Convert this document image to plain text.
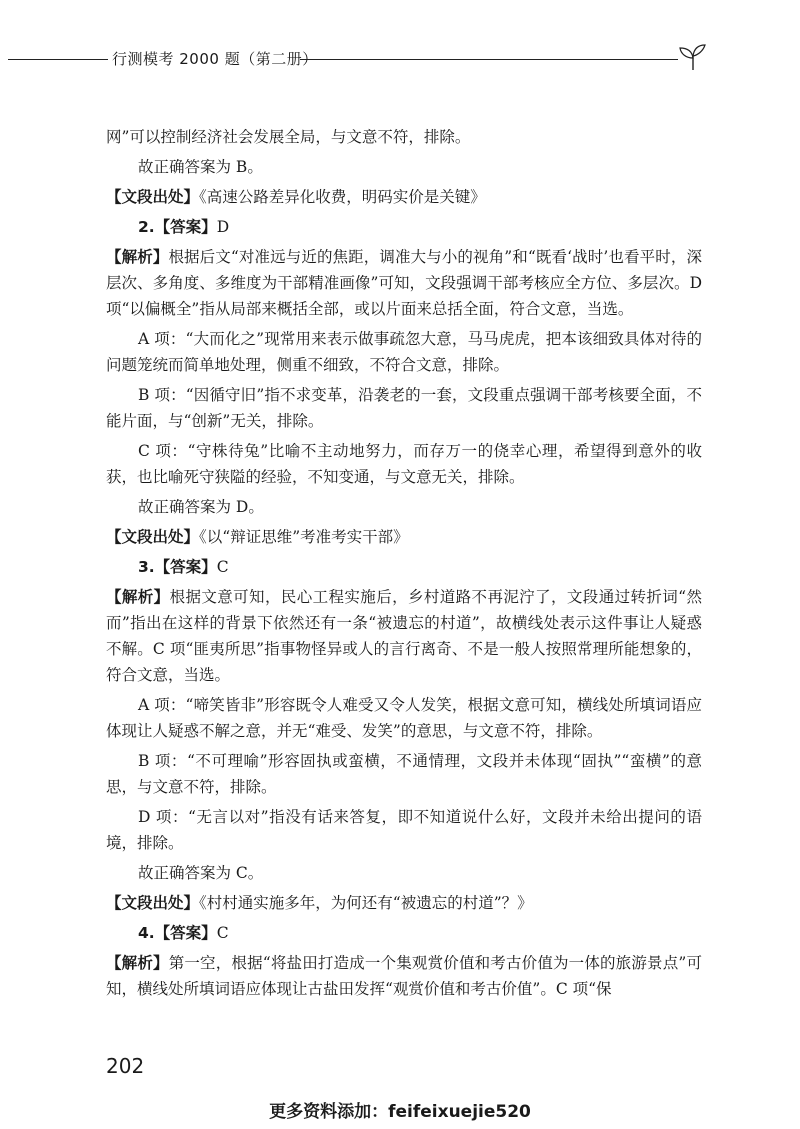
行测模考 2000 题（第二册）

网”可以控制经济社会发展全局，与文意不符，排除。

故正确答案为 B。

【文段出处】《高速公路差异化收费，明码实价是关键》

2.【答案】D

【解析】根据后文“对准远与近的焦距，调准大与小的视角”和“既看‘战时’也看平时，深层次、多角度、多维度为干部精准画像”可知，文段强调干部考核应全方位、多层次。D 项“以偏概全”指从局部来概括全部，或以片面来总括全面，符合文意，当选。

A 项：“大而化之”现常用来表示做事疏忽大意，马马虎虎，把本该细致具体对待的问题笼统而简单地处理，侧重不细致，不符合文意，排除。

B 项：“因循守旧”指不求变革，沿袭老的一套，文段重点强调干部考核要全面，不能片面，与“创新”无关，排除。

C 项：“守株待兔”比喻不主动地努力，而存万一的侥幸心理，希望得到意外的收获，也比喻死守狭隘的经验，不知变通，与文意无关，排除。

故正确答案为 D。

【文段出处】《以“辩证思维”考准考实干部》

3.【答案】C

【解析】根据文意可知，民心工程实施后，乡村道路不再泥泞了，文段通过转折词“然而”指出在这样的背景下依然还有一条“被遗忘的村道”，故横线处表示这件事让人疑惑不解。C 项“匪夷所思”指事物怪异或人的言行离奇、不是一般人按照常理所能想象的，符合文意，当选。

A 项：“啼笑皆非”形容既令人难受又令人发笑，根据文意可知，横线处所填词语应体现让人疑惑不解之意，并无“难受、发笑”的意思，与文意不符，排除。

B 项：“不可理喻”形容固执或蛮横，不通情理，文段并未体现“固执”“蛮横”的意思，与文意不符，排除。

D 项：“无言以对”指没有话来答复，即不知道说什么好，文段并未给出提问的语境，排除。

故正确答案为 C。

【文段出处】《村村通实施多年，为何还有“被遗忘的村道”？》

4.【答案】C

【解析】第一空，根据“将盐田打造成一个集观赏价值和考古价值为一体的旅游景点”可知，横线处所填词语应体现让古盐田发挥“观赏价值和考古价值”。C 项“保

202
更多资料添加：feifeixuejie520
